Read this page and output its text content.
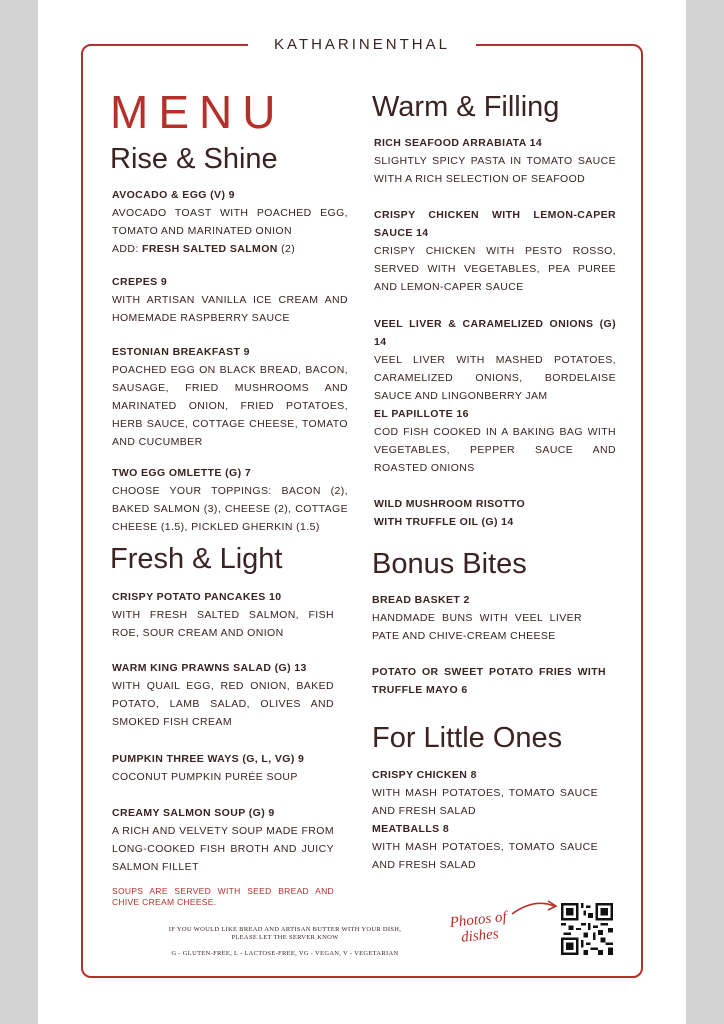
KATHARINENTHAL
MENU
Rise & Shine
AVOCADO & EGG (V) 9
AVOCADO TOAST WITH POACHED EGG, TOMATO AND MARINATED ONION
ADD: FRESH SALTED SALMON (2)
CREPES 9
WITH ARTISAN VANILLA ICE CREAM AND HOMEMADE RASPBERRY SAUCE
ESTONIAN BREAKFAST 9
POACHED EGG ON BLACK BREAD, BACON, SAUSAGE, FRIED MUSHROOMS AND MARINATED ONION, FRIED POTATOES, HERB SAUCE, COTTAGE CHEESE, TOMATO AND CUCUMBER
TWO EGG OMLETTE (G) 7
CHOOSE YOUR TOPPINGS: BACON (2), BAKED SALMON (3), CHEESE (2), COTTAGE CHEESE (1.5), PICKLED GHERKIN (1.5)
Fresh & Light
CRISPY POTATO PANCAKES 10
WITH FRESH SALTED SALMON, FISH ROE, SOUR CREAM AND ONION
WARM KING PRAWNS SALAD (G) 13
WITH QUAIL EGG, RED ONION, BAKED POTATO, LAMB SALAD, OLIVES AND SMOKED FISH CREAM
PUMPKIN THREE WAYS (G, L, VG) 9
COCONUT PUMPKIN PURÉE SOUP
CREAMY SALMON SOUP (G) 9
A RICH AND VELVETY SOUP MADE FROM LONG-COOKED FISH BROTH AND JUICY SALMON FILLET
SOUPS ARE SERVED WITH SEED BREAD AND CHIVE CREAM CHEESE.
Warm & Filling
RICH SEAFOOD ARRABIATA 14
SLIGHTLY SPICY PASTA IN TOMATO SAUCE WITH A RICH SELECTION OF SEAFOOD
CRISPY CHICKEN WITH LEMON-CAPER SAUCE 14
CRISPY CHICKEN WITH PESTO ROSSO, SERVED WITH VEGETABLES, PEA PUREE AND LEMON-CAPER SAUCE
VEEL LIVER & CARAMELIZED ONIONS (G) 14
VEEL LIVER WITH MASHED POTATOES, CARAMELIZED ONIONS, BORDELAISE SAUCE AND LINGONBERRY JAM
EL PAPILLOTE 16
COD FISH COOKED IN A BAKING BAG WITH VEGETABLES, PEPPER SAUCE AND ROASTED ONIONS
WILD MUSHROOM RISOTTO WITH TRUFFLE OIL (G) 14
Bonus Bites
BREAD BASKET 2
HANDMADE BUNS WITH VEEL LIVER PATE AND CHIVE-CREAM CHEESE
POTATO OR SWEET POTATO FRIES WITH TRUFFLE MAYO 6
For Little Ones
CRISPY CHICKEN 8
WITH MASH POTATOES, TOMATO SAUCE AND FRESH SALAD
MEATBALLS 8
WITH MASH POTATOES, TOMATO SAUCE AND FRESH SALAD
IF YOU WOULD LIKE BREAD AND ARTISAN BUTTER WITH YOUR DISH, PLEASE LET THE SERVER KNOW
G - GLUTEN-FREE, L - LACTOSE-FREE, VG - VEGAN, V - VEGETARIAN
Photos of dishes
